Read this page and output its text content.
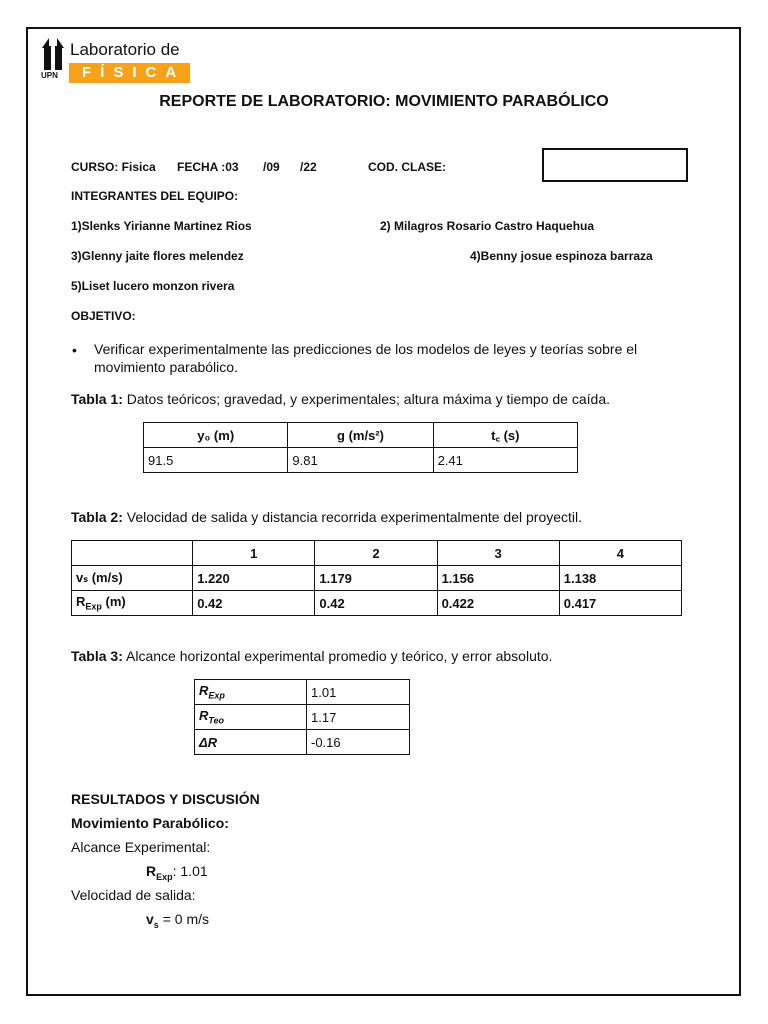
UPN
Laboratorio de
FÍSICA
REPORTE DE LABORATORIO: MOVIMIENTO PARABÓLICO
CURSO: Fisica FECHA :03 /09 /22	COD. CLASE:
INTEGRANTES DEL EQUIPO:
1)Slenks Yirianne Martinez Rios	2) Milagros Rosario Castro Haquehua
3)Glenny jaite flores melendez	4)Benny josue espinoza barraza
5)Liset lucero monzon rivera
OBJETIVO:
• Verificar experimentalmente las predicciones de los modelos de leyes y teorías sobre el
movimiento parabólico.
Tabla 1: Datos teóricos; gravedad, y experimentales; altura máxima y tiempo de caída.
y₀ (m)	g (m/s²)	t꜀ (s)
91.5	9.81	2.41
Tabla 2: Velocidad de salida y distancia recorrida experimentalmente del proyectil.
	1	2	3	4
vₛ (m/s)	1.220	1.179	1.156	1.138
$R_{Exp}$ (m)	0.42	0.42	0.422	0.417
Tabla 3: Alcance horizontal experimental promedio y teórico, y error absoluto.
$R_{Exp}$	1.01
$R_{Teo}$	1.17
ΔR	-0.16
RESULTADOS Y DISCUSIÓN
Movimiento Parabólico:
Alcance Experimental:
$R_{Exp}$: 1.01
Velocidad de salida:
$v_s = 0$ m/s
